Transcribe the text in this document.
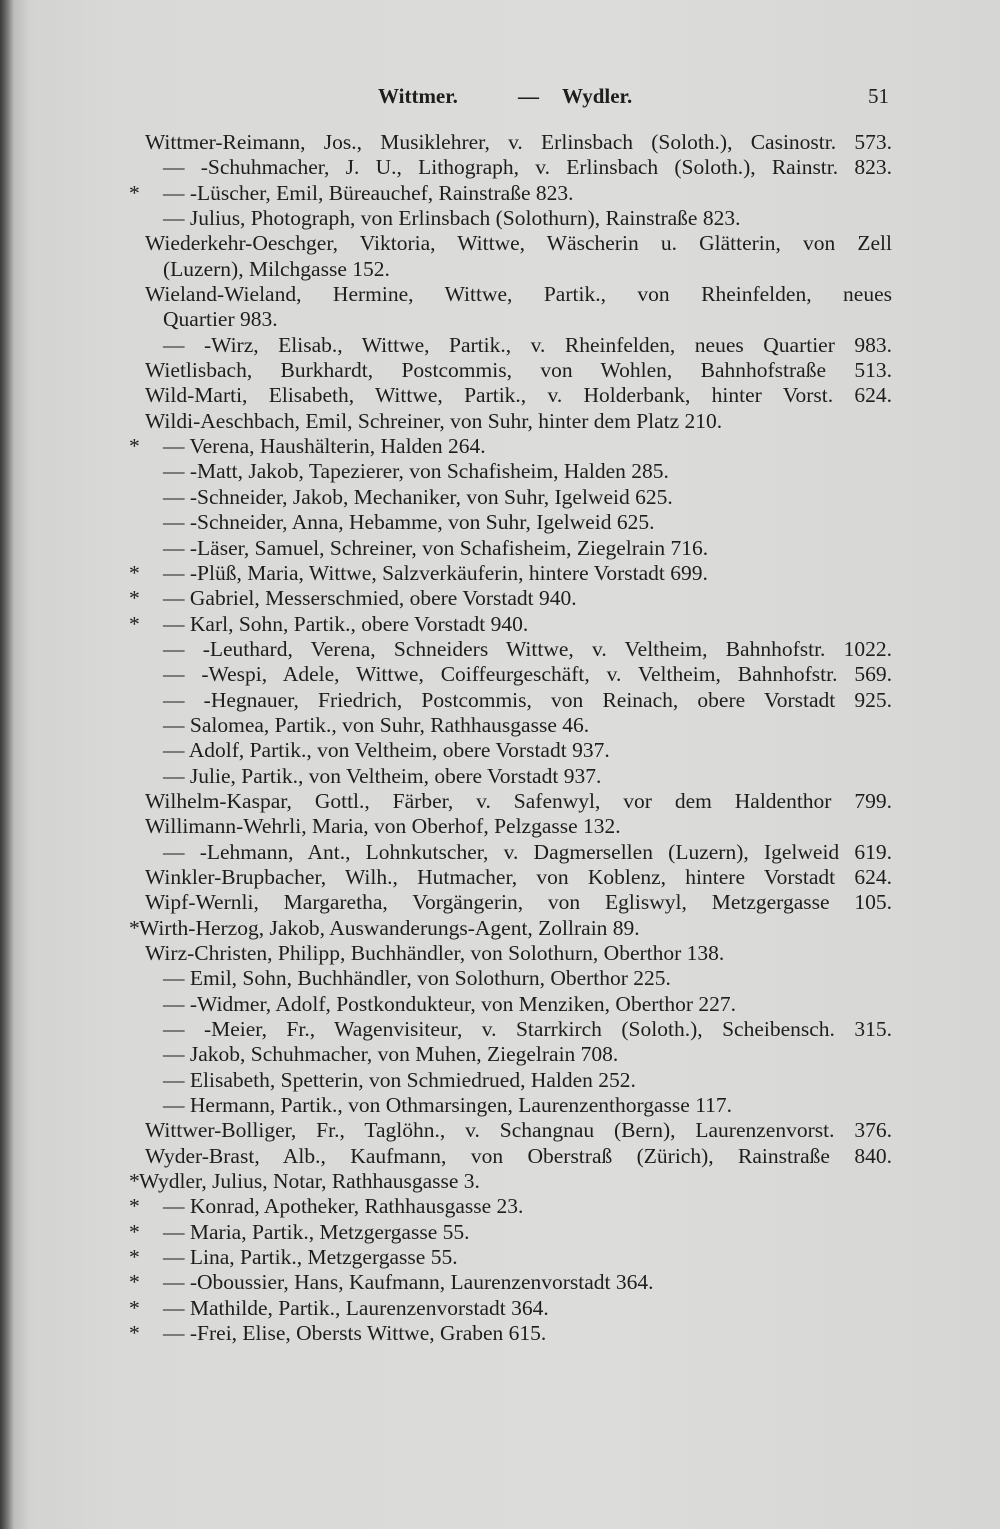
Wittmer.	— Wydler.	51
Wittmer-Reimann, Jos., Musiklehrer, v. Erlinsbach (Soloth.), Casinostr. 573.
— -Schuhmacher, J. U., Lithograph, v. Erlinsbach (Soloth.), Rainstr. 823.
* — -Lüscher, Emil, Büreauchef, Rainstraße 823.
— Julius, Photograph, von Erlinsbach (Solothurn), Rainstraße 823.
Wiederkehr-Oeschger, Viktoria, Wittwe, Wäscherin u. Glätterin, von Zell
(Luzern), Milchgasse 152.
Wieland-Wieland, Hermine, Wittwe, Partik., von Rheinfelden, neues
Quartier 983.
— -Wirz, Elisab., Wittwe, Partik., v. Rheinfelden, neues Quartier 983.
Wietlisbach, Burkhardt, Postcommis, von Wohlen, Bahnhofstraße 513.
Wild-Marti, Elisabeth, Wittwe, Partik., v. Holderbank, hinter Vorst. 624.
Wildi-Aeschbach, Emil, Schreiner, von Suhr, hinter dem Platz 210.
* — Verena, Haushälterin, Halden 264.
— -Matt, Jakob, Tapezierer, von Schafisheim, Halden 285.
— -Schneider, Jakob, Mechaniker, von Suhr, Igelweid 625.
— -Schneider, Anna, Hebamme, von Suhr, Igelweid 625.
— -Läser, Samuel, Schreiner, von Schafisheim, Ziegelrain 716.
* — -Plüß, Maria, Wittwe, Salzverkäuferin, hintere Vorstadt 699.
* — Gabriel, Messerschmied, obere Vorstadt 940.
* — Karl, Sohn, Partik., obere Vorstadt 940.
— -Leuthard, Verena, Schneiders Wittwe, v. Veltheim, Bahnhofstr. 1022.
— -Wespi, Adele, Wittwe, Coiffeurgeschäft, v. Veltheim, Bahnhofstr. 569.
— -Hegnauer, Friedrich, Postcommis, von Reinach, obere Vorstadt 925.
— Salomea, Partik., von Suhr, Rathhausgasse 46.
— Adolf, Partik., von Veltheim, obere Vorstadt 937.
— Julie, Partik., von Veltheim, obere Vorstadt 937.
Wilhelm-Kaspar, Gottl., Färber, v. Safenwyl, vor dem Haldenthor 799.
Willimann-Wehrli, Maria, von Oberhof, Pelzgasse 132.
— -Lehmann, Ant., Lohnkutscher, v. Dagmersellen (Luzern), Igelweid 619.
Winkler-Brupbacher, Wilh., Hutmacher, von Koblenz, hintere Vorstadt 624.
Wipf-Wernli, Margaretha, Vorgängerin, von Egliswyl, Metzgergasse 105.
* Wirth-Herzog, Jakob, Auswanderungs-Agent, Zollrain 89.
Wirz-Christen, Philipp, Buchhändler, von Solothurn, Oberthor 138.
— Emil, Sohn, Buchhändler, von Solothurn, Oberthor 225.
— -Widmer, Adolf, Postkondukteur, von Menziken, Oberthor 227.
— -Meier, Fr., Wagenvisiteur, v. Starrkirch (Soloth.), Scheibensch. 315.
— Jakob, Schuhmacher, von Muhen, Ziegelrain 708.
— Elisabeth, Spetterin, von Schmiedrued, Halden 252.
— Hermann, Partik., von Othmarsingen, Laurenzenthorgasse 117.
Wittwer-Bolliger, Fr., Taglöhn., v. Schangnau (Bern), Laurenzenvorst. 376.
Wyder-Brast, Alb., Kaufmann, von Oberstraß (Zürich), Rainstraße 840.
* Wydler, Julius, Notar, Rathhausgasse 3.
* — Konrad, Apotheker, Rathhausgasse 23.
* — Maria, Partik., Metzgergasse 55.
* — Lina, Partik., Metzgergasse 55.
* — -Oboussier, Hans, Kaufmann, Laurenzenvorstadt 364.
* — Mathilde, Partik., Laurenzenvorstadt 364.
* — -Frei, Elise, Obersts Wittwe, Graben 615.
